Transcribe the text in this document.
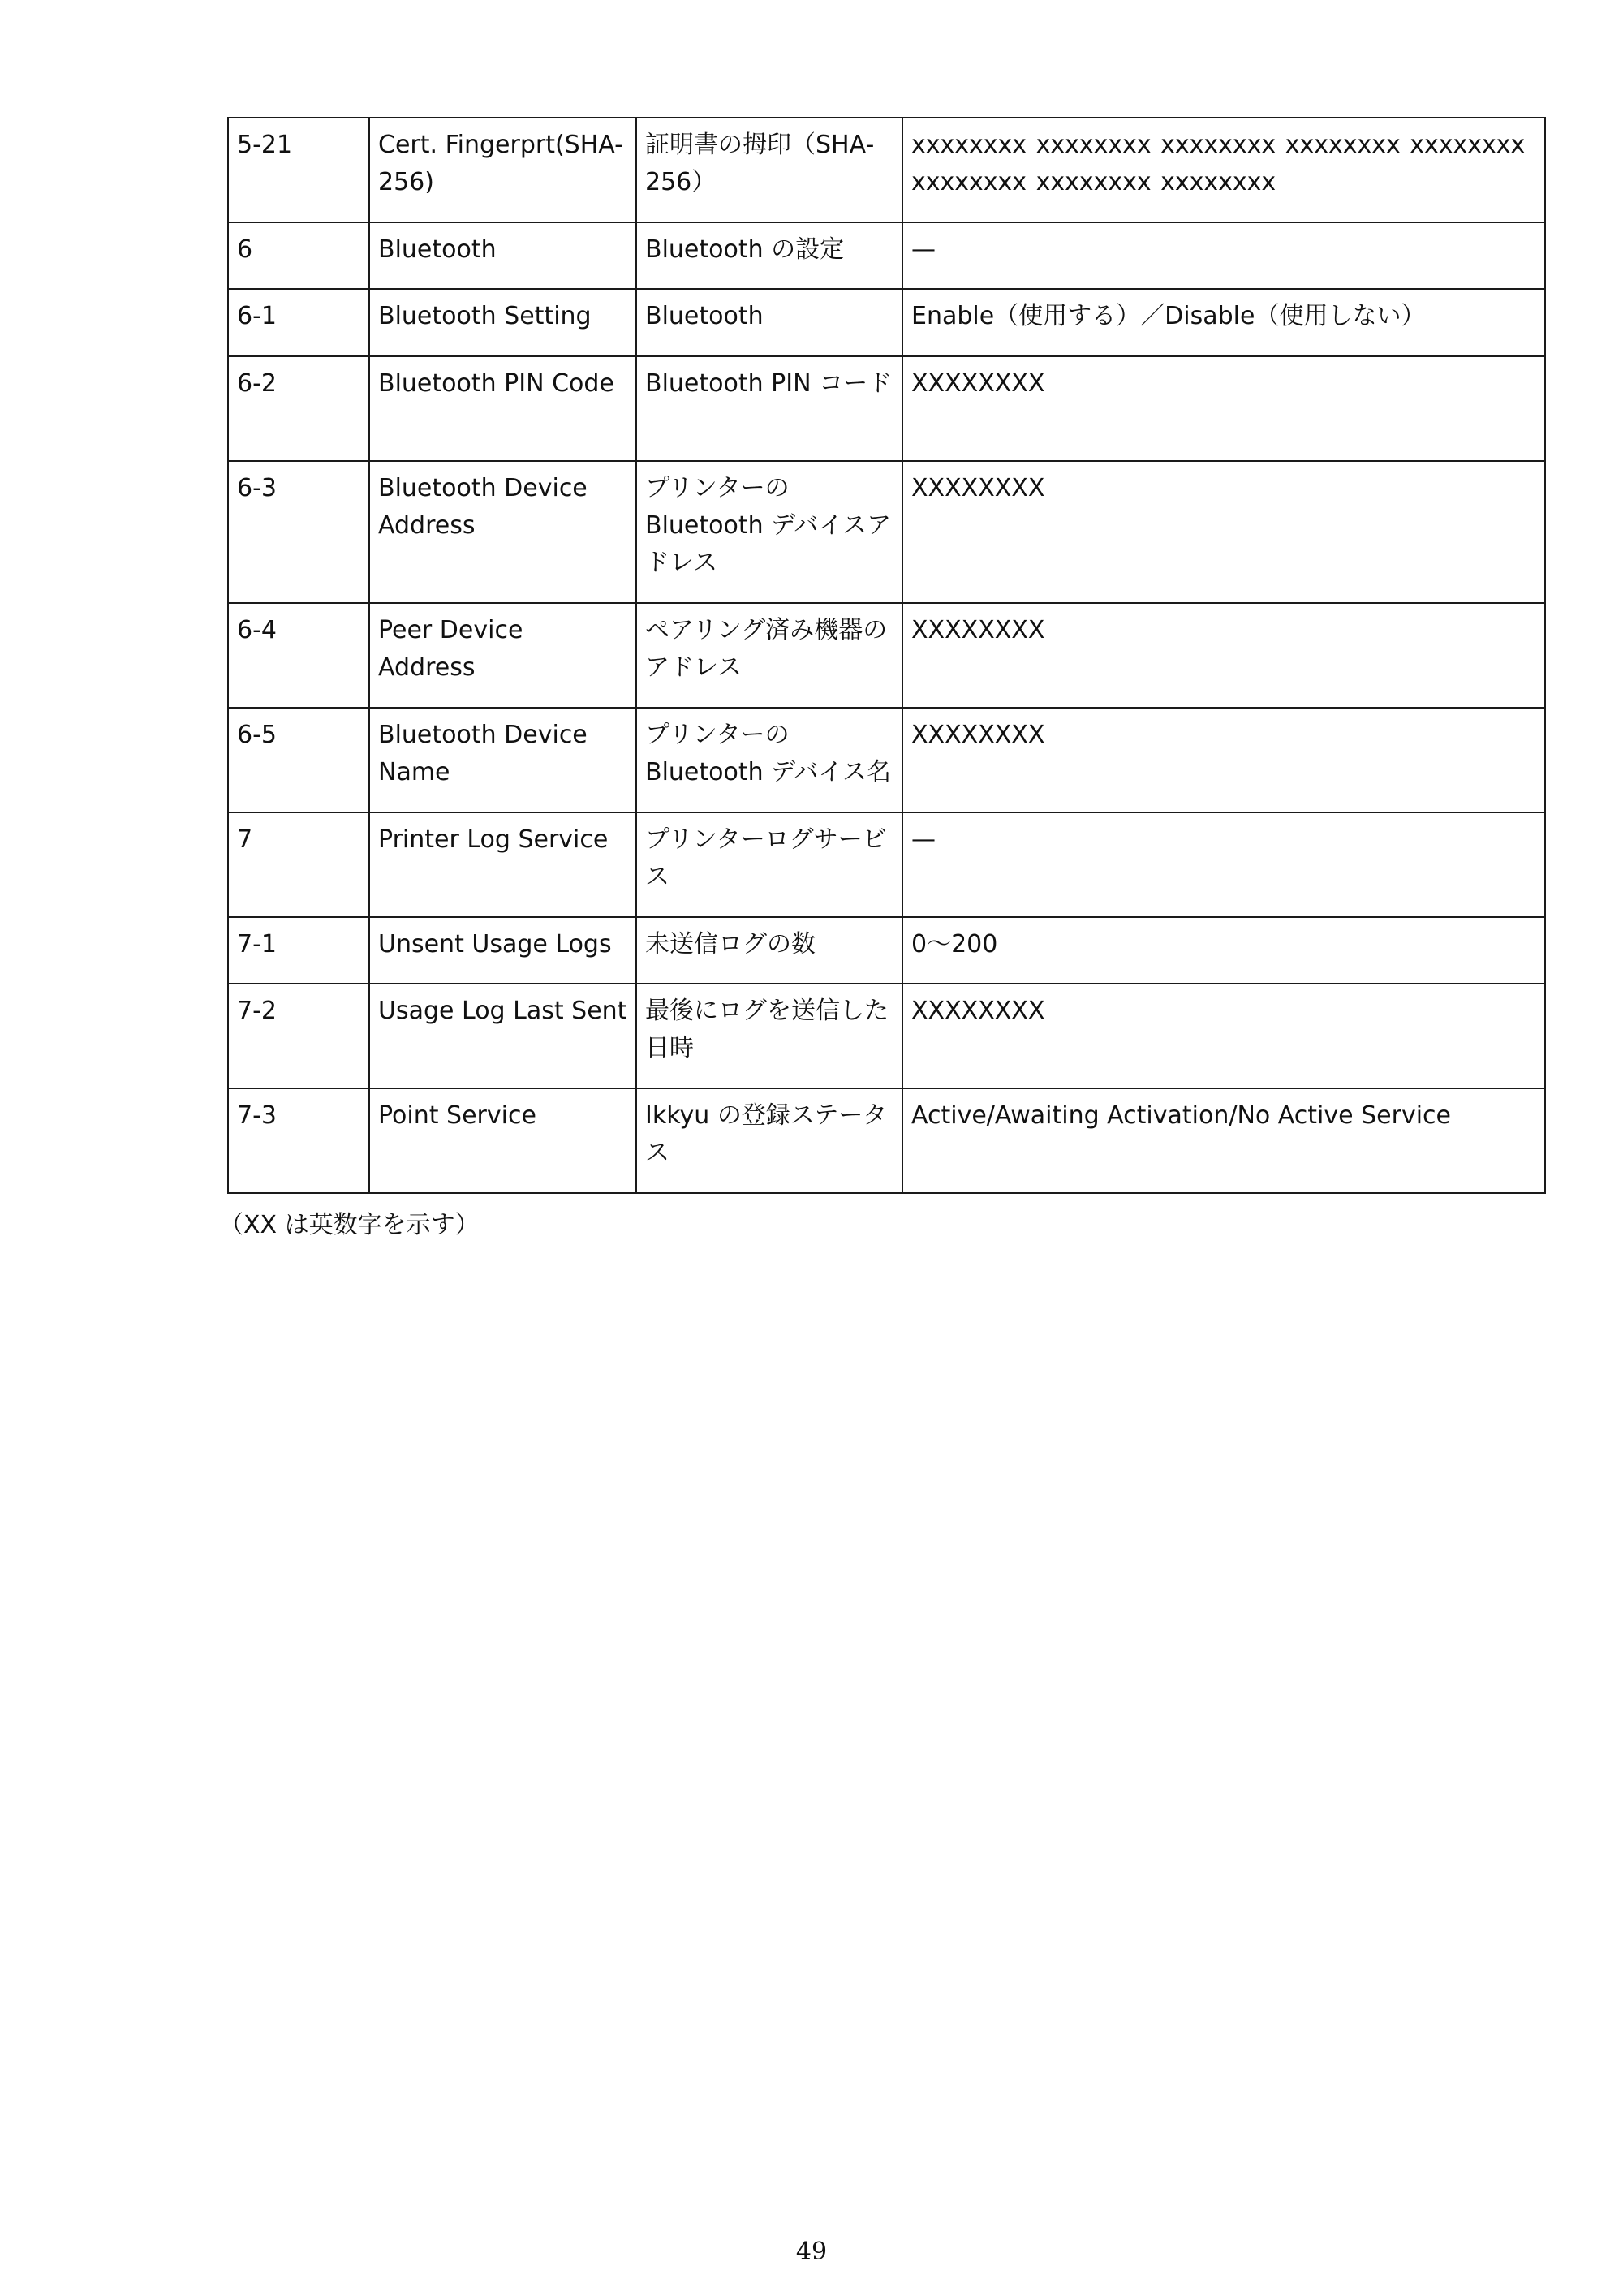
5-21	Cert. Fingerprt(SHA-256)	証明書の拇印（SHA-256）	xxxxxxxx xxxxxxxx xxxxxxxx xxxxxxxx xxxxxxxx xxxxxxxx xxxxxxxx xxxxxxxx
6	Bluetooth	Bluetooth の設定	—
6-1	Bluetooth Setting	Bluetooth	Enable（使用する）／Disable（使用しない）
6-2	Bluetooth PIN Code	Bluetooth PIN コード	XXXXXXXX
6-3	Bluetooth Device Address	プリンターの Bluetooth デバイスアドレス	XXXXXXXX
6-4	Peer Device Address	ペアリング済み機器のアドレス	XXXXXXXX
6-5	Bluetooth Device Name	プリンターの Bluetooth デバイス名	XXXXXXXX
7	Printer Log Service	プリンターログサービス	—
7-1	Unsent Usage Logs	未送信ログの数	0〜200
7-2	Usage Log Last Sent	最後にログを送信した日時	XXXXXXXX
7-3	Point Service	Ikkyu の登録ステータス	Active/Awaiting Activation/No Active Service
（XX は英数字を示す）
49
